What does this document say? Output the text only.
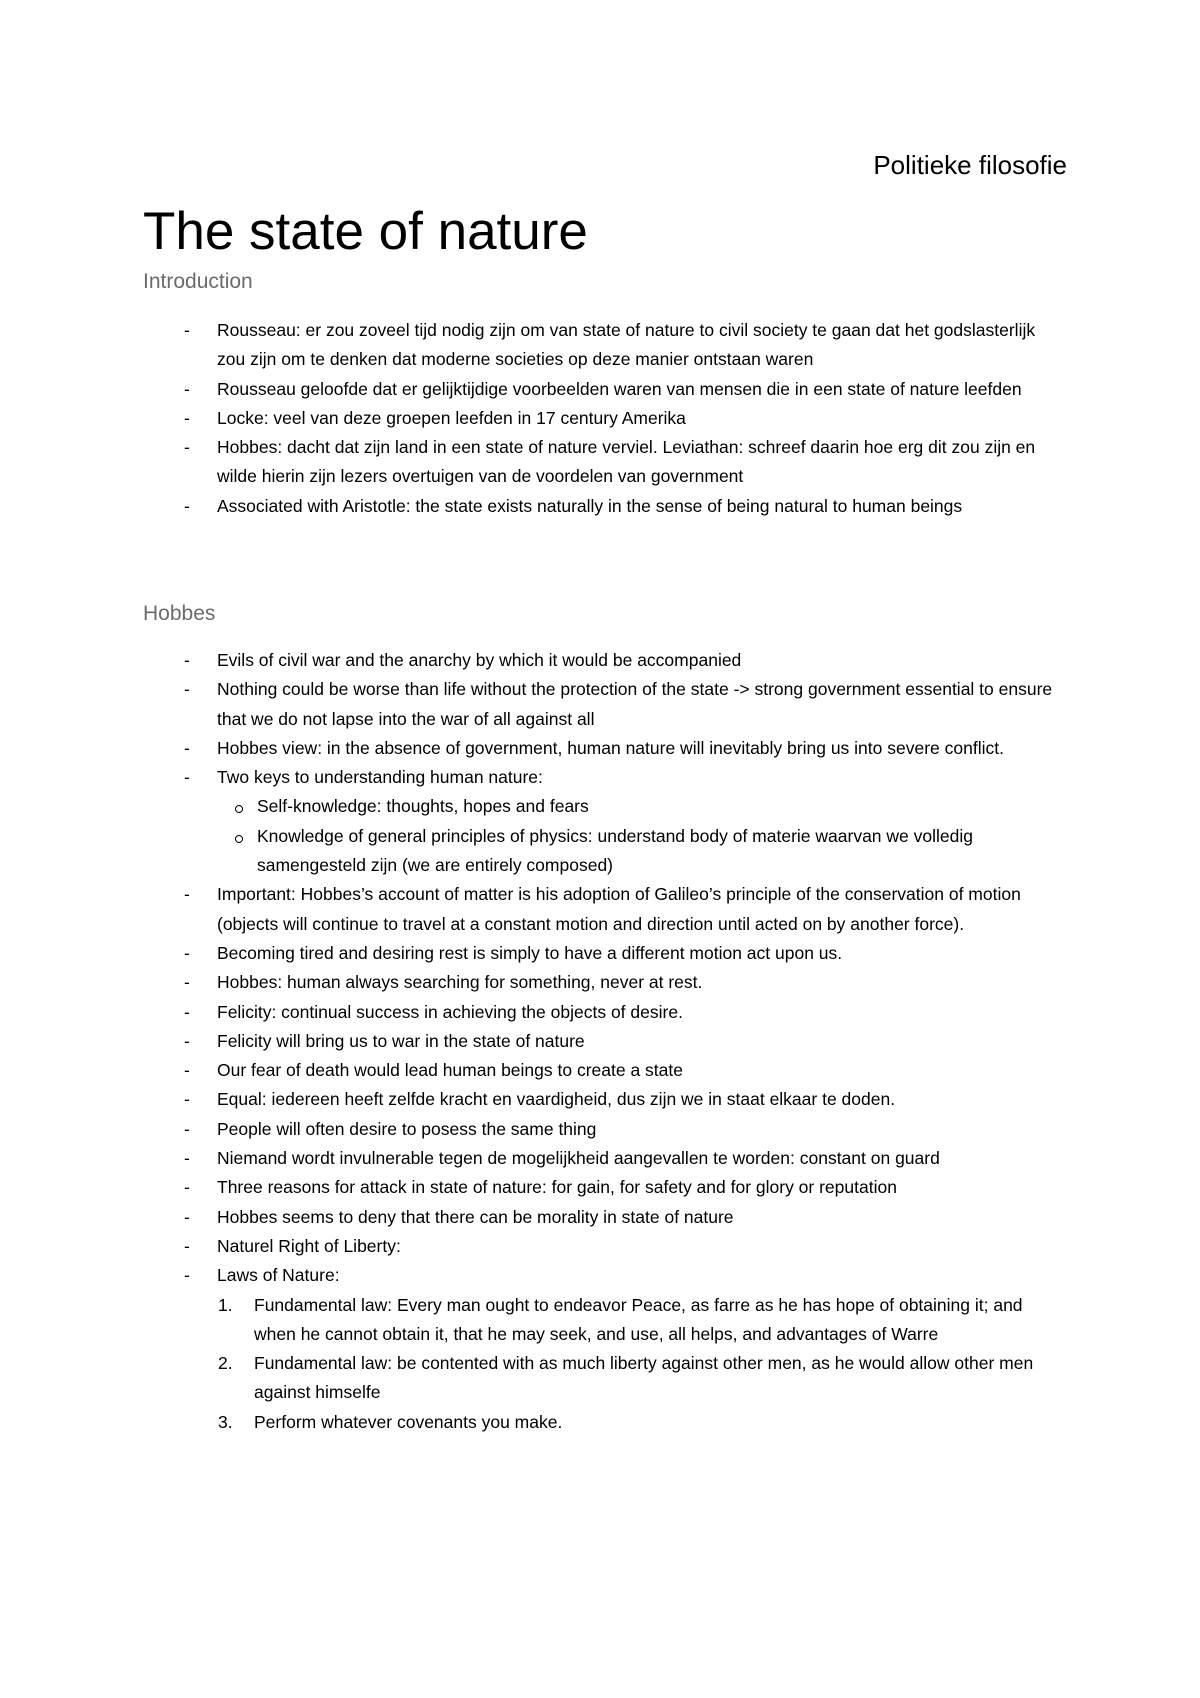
Politieke filosofie
The state of nature
Introduction
- Rousseau: er zou zoveel tijd nodig zijn om van state of nature to civil society te gaan dat het godslasterlijk zou zijn om te denken dat moderne societies op deze manier ontstaan waren
- Rousseau geloofde dat er gelijktijdige voorbeelden waren van mensen die in een state of nature leefden
- Locke: veel van deze groepen leefden in 17 century Amerika
- Hobbes: dacht dat zijn land in een state of nature verviel. Leviathan: schreef daarin hoe erg dit zou zijn en wilde hierin zijn lezers overtuigen van de voordelen van government
- Associated with Aristotle: the state exists naturally in the sense of being natural to human beings
Hobbes
- Evils of civil war and the anarchy by which it would be accompanied
- Nothing could be worse than life without the protection of the state -> strong government essential to ensure that we do not lapse into the war of all against all
- Hobbes view: in the absence of government, human nature will inevitably bring us into severe conflict.
- Two keys to understanding human nature:
Self-knowledge: thoughts, hopes and fears
Knowledge of general principles of physics: understand body of materie waarvan we volledig samengesteld zijn (we are entirely composed)
- Important: Hobbes’s account of matter is his adoption of Galileo’s principle of the conservation of motion (objects will continue to travel at a constant motion and direction until acted on by another force).
- Becoming tired and desiring rest is simply to have a different motion act upon us.
- Hobbes: human always searching for something, never at rest.
- Felicity: continual success in achieving the objects of desire.
- Felicity will bring us to war in the state of nature
- Our fear of death would lead human beings to create a state
- Equal: iedereen heeft zelfde kracht en vaardigheid, dus zijn we in staat elkaar te doden.
- People will often desire to posess the same thing
- Niemand wordt invulnerable tegen de mogelijkheid aangevallen te worden: constant on guard
- Three reasons for attack in state of nature: for gain, for safety and for glory or reputation
- Hobbes seems to deny that there can be morality in state of nature
- Naturel Right of Liberty:
- Laws of Nature:
1. Fundamental law: Every man ought to endeavor Peace, as farre as he has hope of obtaining it; and when he cannot obtain it, that he may seek, and use, all helps, and advantages of Warre
2. Fundamental law: be contented with as much liberty against other men, as he would allow other men against himselfe
3. Perform whatever covenants you make.
